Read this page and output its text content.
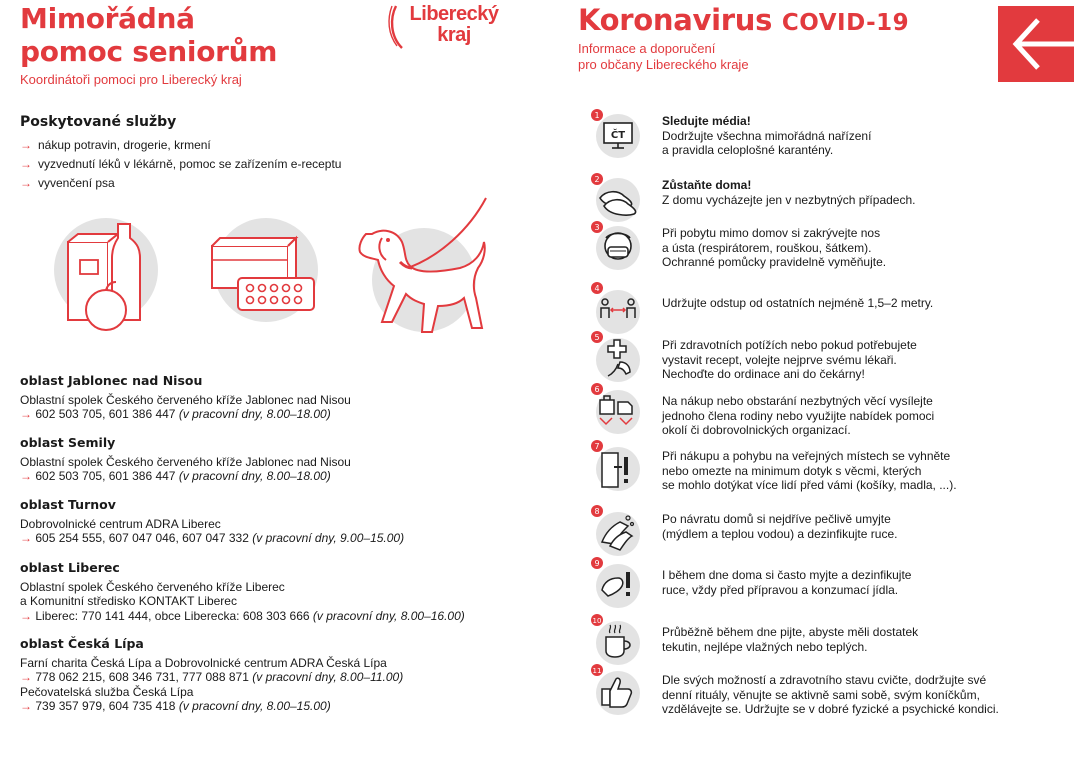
Mimořádná
pomoc seniorům
Koordinátoři pomoci pro Liberecký kraj
Liberecký
kraj
Poskytované služby
→ nákup potravin, drogerie, krmení
→ vyzvednutí léků v lékárně, pomoc se zařízením e-receptu
→ vyvenčení psa
oblast Jablonec nad Nisou
Oblastní spolek Českého červeného kříže Jablonec nad Nisou
→ 602 503 705, 601 386 447 (v pracovní dny, 8.00–18.00)
oblast Semily
Oblastní spolek Českého červeného kříže Jablonec nad Nisou
→ 602 503 705, 601 386 447 (v pracovní dny, 8.00–18.00)
oblast Turnov
Dobrovolnické centrum ADRA Liberec
→ 605 254 555, 607 047 046, 607 047 332 (v pracovní dny, 9.00–15.00)
oblast Liberec
Oblastní spolek Českého červeného kříže Liberec
a Komunitní středisko KONTAKT Liberec
→ Liberec: 770 141 444, obce Liberecka: 608 303 666 (v pracovní dny, 8.00–16.00)
oblast Česká Lípa
Farní charita Česká Lípa a Dobrovolnické centrum ADRA Česká Lípa
→ 778 062 215, 608 346 731, 777 088 871 (v pracovní dny, 8.00–11.00)
Pečovatelská služba Česká Lípa
→ 739 357 979, 604 735 418 (v pracovní dny, 8.00–15.00)
Koronavirus COVID-19
Informace a doporučení
pro občany Libereckého kraje
ČT
1	Sledujte média!
Dodržujte všechna mimořádná nařízení
a pravidla celoplošné karantény.
2	Zůstaňte doma!
Z domu vycházejte jen v nezbytných případech.
3	Při pobytu mimo domov si zakrývejte nos
a ústa (respirátorem, rouškou, šátkem).
Ochranné pomůcky pravidelně vyměňujte.
4
Udržujte odstup od ostatních nejméně 1,5–2 metry.
5
Při zdravotních potížích nebo pokud potřebujete
vystavit recept, volejte nejprve svému lékaři.
Nechoďte do ordinace ani do čekárny!
6
Na nákup nebo obstarání nezbytných věcí vysílejte
jednoho člena rodiny nebo využijte nabídek pomoci
okolí či dobrovolnických organizací.
7
Při nákupu a pohybu na veřejných místech se vyhněte
nebo omezte na minimum dotyk s věcmi, kterých
se mohlo dotýkat více lidí před vámi (košíky, madla, ...).
8
Po návratu domů si nejdříve pečlivě umyjte
(mýdlem a teplou vodou) a dezinfikujte ruce.
9
I během dne doma si často myjte a dezinfikujte
ruce, vždy před přípravou a konzumací jídla.
10
Průběžně během dne pijte, abyste měli dostatek
tekutin, nejlépe vlažných nebo teplých.
11
Dle svých možností a zdravotního stavu cvičte, dodržujte své
denní rituály, věnujte se aktivně sami sobě, svým koníčkům,
vzdělávejte se. Udržujte se v dobré fyzické a psychické kondici.
